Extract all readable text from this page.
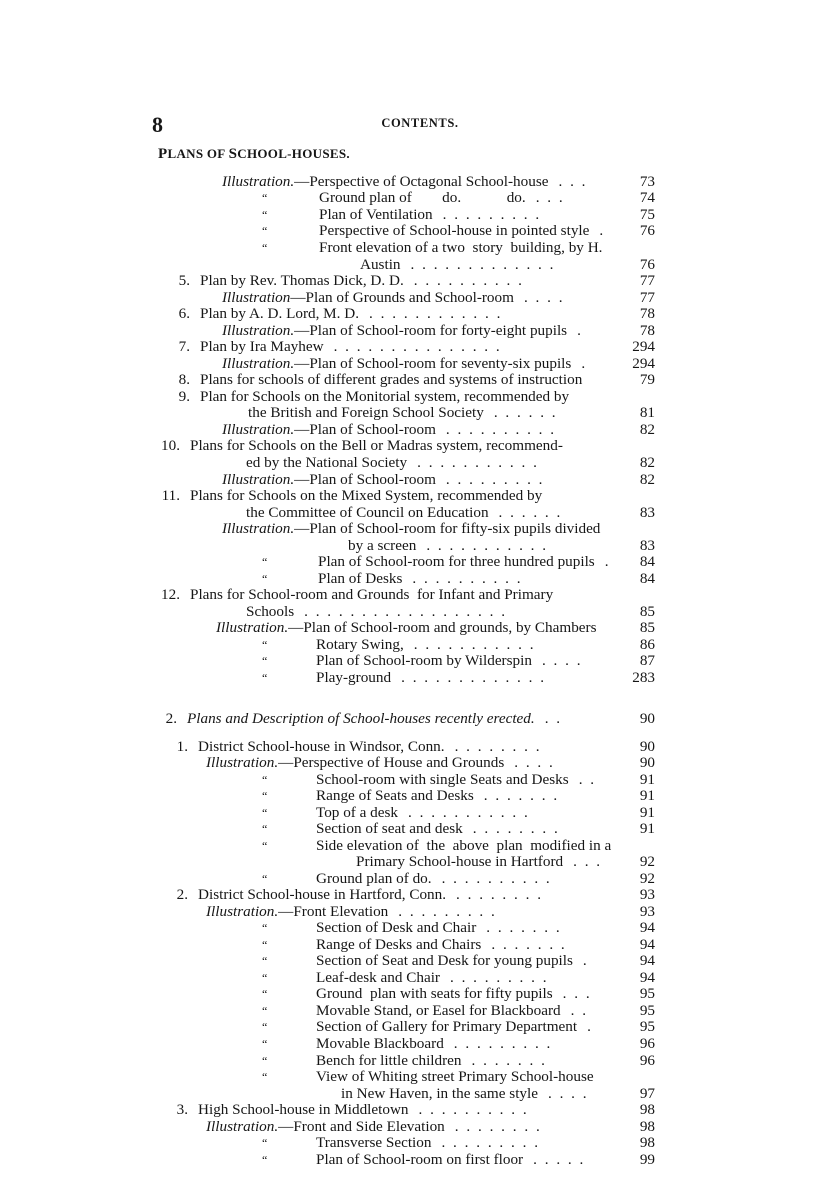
8	CONTENTS.
PLANS OF SCHOOL-HOUSES.
Illustration.—Perspective of Octagonal School-house . . .	73
“	Ground plan of        do.            do. . . .	74
“	Plan of Ventilation . . . . . . . . .	75
“	Perspective of School-house in pointed style . 76
“	Front elevation of a two  story  building, by H.
Austin . . . . . . . . . . . . .	76
5. Plan by Rev. Thomas Dick, D. D. . . . . . . . . . .	77
Illustration—Plan of Grounds and School-room . . . .	77
6. Plan by A. D. Lord, M. D. . . . . . . . . . . . .	78
Illustration.—Plan of School-room for forty-eight pupils .	78
7. Plan by Ira Mayhew . . . . . . . . . . . . . . .	294
Illustration.—Plan of School-room for seventy-six pupils .	294
8. Plans for schools of different grades and systems of instruction	79
9. Plan for Schools on the Monitorial system, recommended by
the British and Foreign School Society . . . . . .	81
Illustration.—Plan of School-room . . . . . . . . . .	82
10. Plans for Schools on the Bell or Madras system, recommend-
ed by the National Society . . . . . . . . . . .	82
Illustration.—Plan of School-room . . . . . . . . .	82
11. Plans for Schools on the Mixed System, recommended by
the Committee of Council on Education . . . . . .	83
Illustration.—Plan of School-room for fifty-six pupils divided
by a screen . . . . . . . . . . .	83
“	Plan of School-room for three hundred pupils . 84
“	Plan of Desks . . . . . . . . . .	84
12. Plans for School-room and Grounds  for Infant and Primary
Schools . . . . . . . . . . . . . . . . . .	85
Illustration.—Plan of School-room and grounds, by Chambers	85
“	Rotary Swing, . . . . . . . . . . .	86
“	Plan of School-room by Wilderspin . . . .	87
“	Play-ground . . . . . . . . . . . . .	283
2. Plans and Description of School-houses recently erected. . .	90
1. District School-house in Windsor, Conn. . . . . . . . .	90
Illustration.—Perspective of House and Grounds . . . .	90
“	School-room with single Seats and Desks . .	91
“	Range of Seats and Desks . . . . . . .	91
“	Top of a desk . . . . . . . . . . .	91
“	Section of seat and desk . . . . . . . .	91
“	Side elevation of  the  above  plan  modified in a
Primary School-house in Hartford . . . 92
“	Ground plan of do. . . . . . . . . . .	92
2. District School-house in Hartford, Conn. . . . . . . . .	93
Illustration.—Front Elevation . . . . . . . . .	93
“	Section of Desk and Chair . . . . . . .	94
“	Range of Desks and Chairs . . . . . . .	94
“	Section of Seat and Desk for young pupils .	94
“	Leaf-desk and Chair . . . . . . . . .	94
“	Ground  plan with seats for fifty pupils . . .	95
“	Movable Stand, or Easel for Blackboard . .	95
“	Section of Gallery for Primary Department .	95
“	Movable Blackboard . . . . . . . . .	96
“	Bench for little children . . . . . . .	96
“	View of Whiting street Primary School-house
in New Haven, in the same style . . . .	97
3. High School-house in Middletown . . . . . . . . . .	98
Illustration.—Front and Side Elevation . . . . . . . .	98
“	Transverse Section . . . . . . . . .	98
“	Plan of School-room on first floor . . . . .	99
